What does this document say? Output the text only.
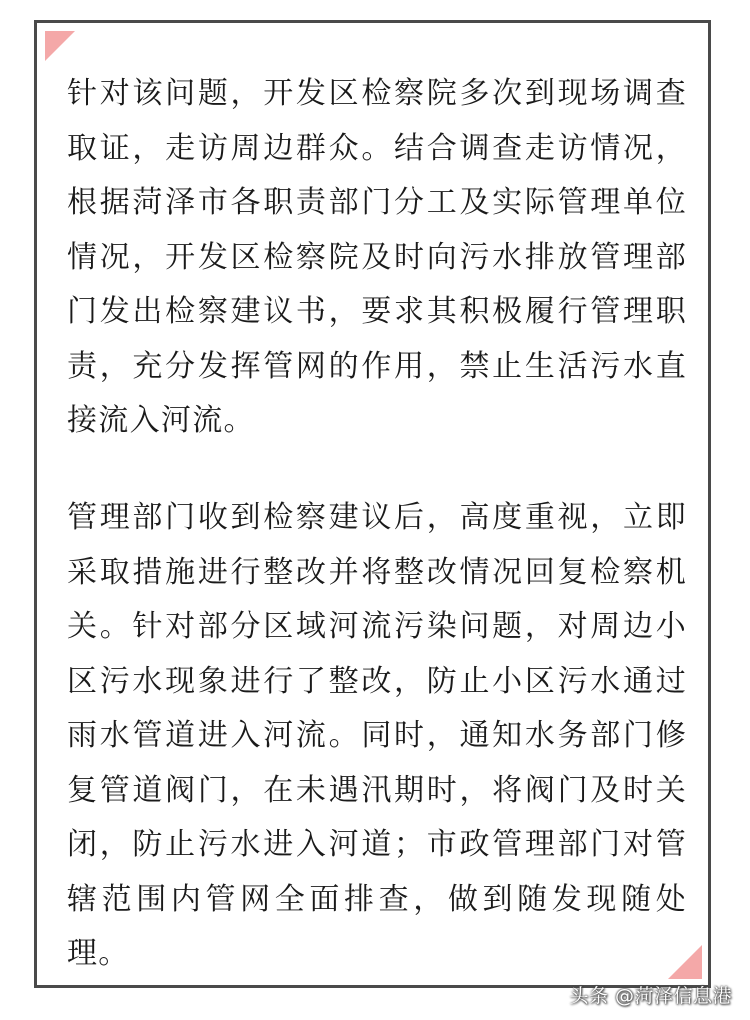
针对该问题，开发区检察院多次到现场调查取证，走访周边群众。结合调查走访情况，根据菏泽市各职责部门分工及实际管理单位情况，开发区检察院及时向污水排放管理部门发出检察建议书，要求其积极履行管理职责，充分发挥管网的作用，禁止生活污水直接流入河流。

管理部门收到检察建议后，高度重视，立即采取措施进行整改并将整改情况回复检察机关。针对部分区域河流污染问题，对周边小区污水现象进行了整改，防止小区污水通过雨水管道进入河流。同时，通知水务部门修复管道阀门，在未遇汛期时，将阀门及时关闭，防止污水进入河道；市政管理部门对管辖范围内管网全面排查，做到随发现随处理。

头条 @菏泽信息港
